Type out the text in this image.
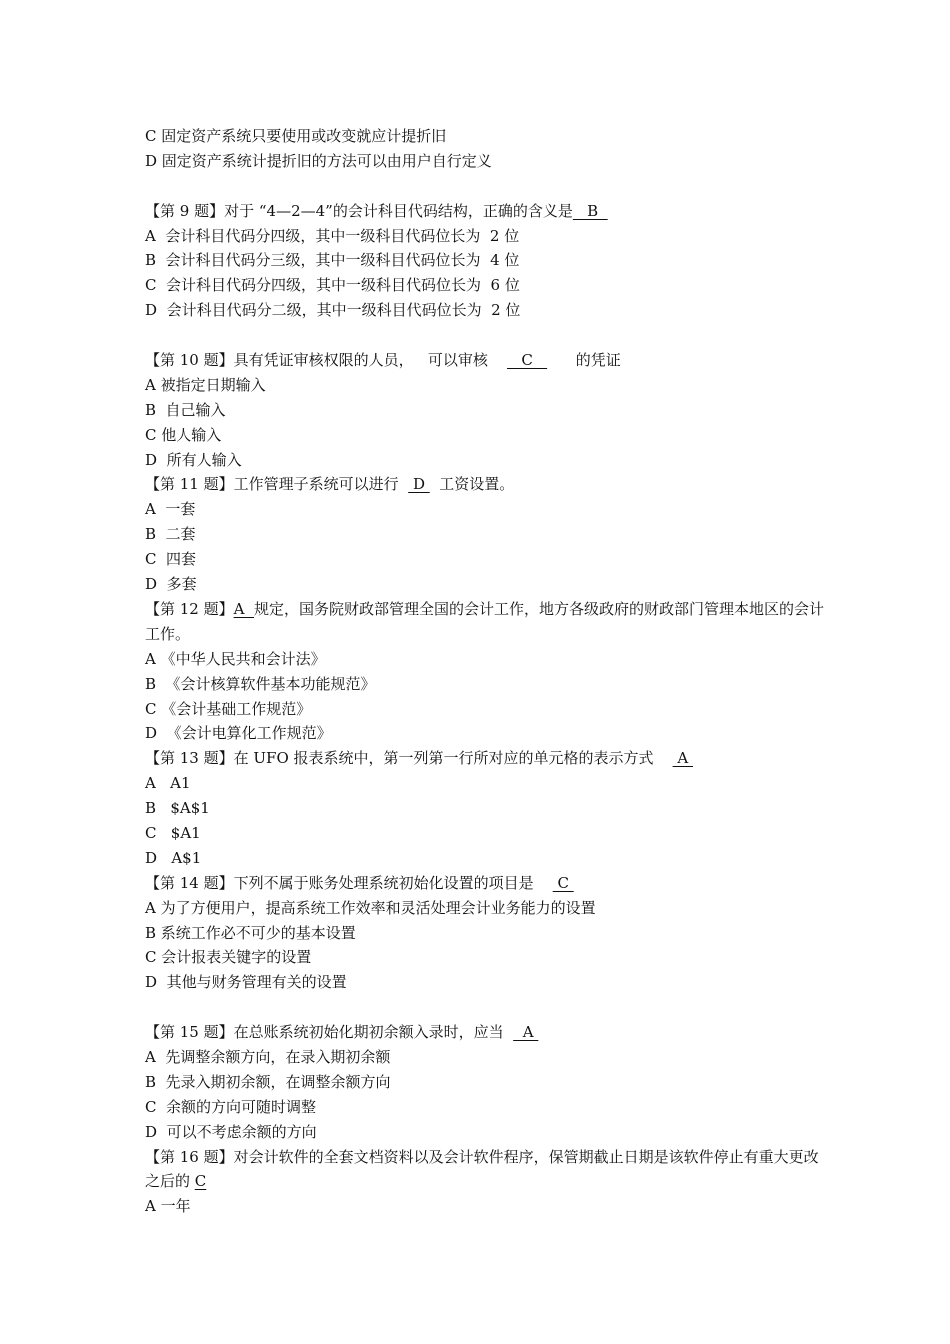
C 固定资产系统只要使用或改变就应计提折旧
D 固定资产系统计提折旧的方法可以由用户自行定义
【第 9 题】对于 “4—2—4”的会计科目代码结构，正确的含义是   B
A  会计科目代码分四级，其中一级科目代码位长为  2 位
B  会计科目代码分三级，其中一级科目代码位长为  4 位
C  会计科目代码分四级，其中一级科目代码位长为  6 位
D  会计科目代码分二级，其中一级科目代码位长为  2 位
【第 10 题】具有凭证审核权限的人员，   可以审核       C         的凭证
A 被指定日期输入
B  自己输入
C 他人输入
D  所有人输入
【第 11 题】工作管理子系统可以进行   D   工资设置。
A  一套
B  二套
C  四套
D  多套
【第 12 题】A  规定，国务院财政部管理全国的会计工作，地方各级政府的财政部门管理本地区的会计工作。
A 《中华人民共和会计法》
B  《会计核算软件基本功能规范》
C 《会计基础工作规范》
D  《会计电算化工作规范》
【第 13 题】在 UFO 报表系统中，第一列第一行所对应的单元格的表示方式     A
A   A1
B   $A$1
C   $A1
D   A$1
【第 14 题】下列不属于账务处理系统初始化设置的项目是     C
A 为了方便用户，提高系统工作效率和灵活处理会计业务能力的设置
B 系统工作必不可少的基本设置
C 会计报表关键字的设置
D  其他与财务管理有关的设置
【第 15 题】在总账系统初始化期初余额入录时，应当    A
A  先调整余额方向，在录入期初余额
B  先录入期初余额，在调整余额方向
C  余额的方向可随时调整
D  可以不考虑余额的方向
【第 16 题】对会计软件的全套文档资料以及会计软件程序，保管期截止日期是该软件停止有重大更改之后的 C
A 一年
